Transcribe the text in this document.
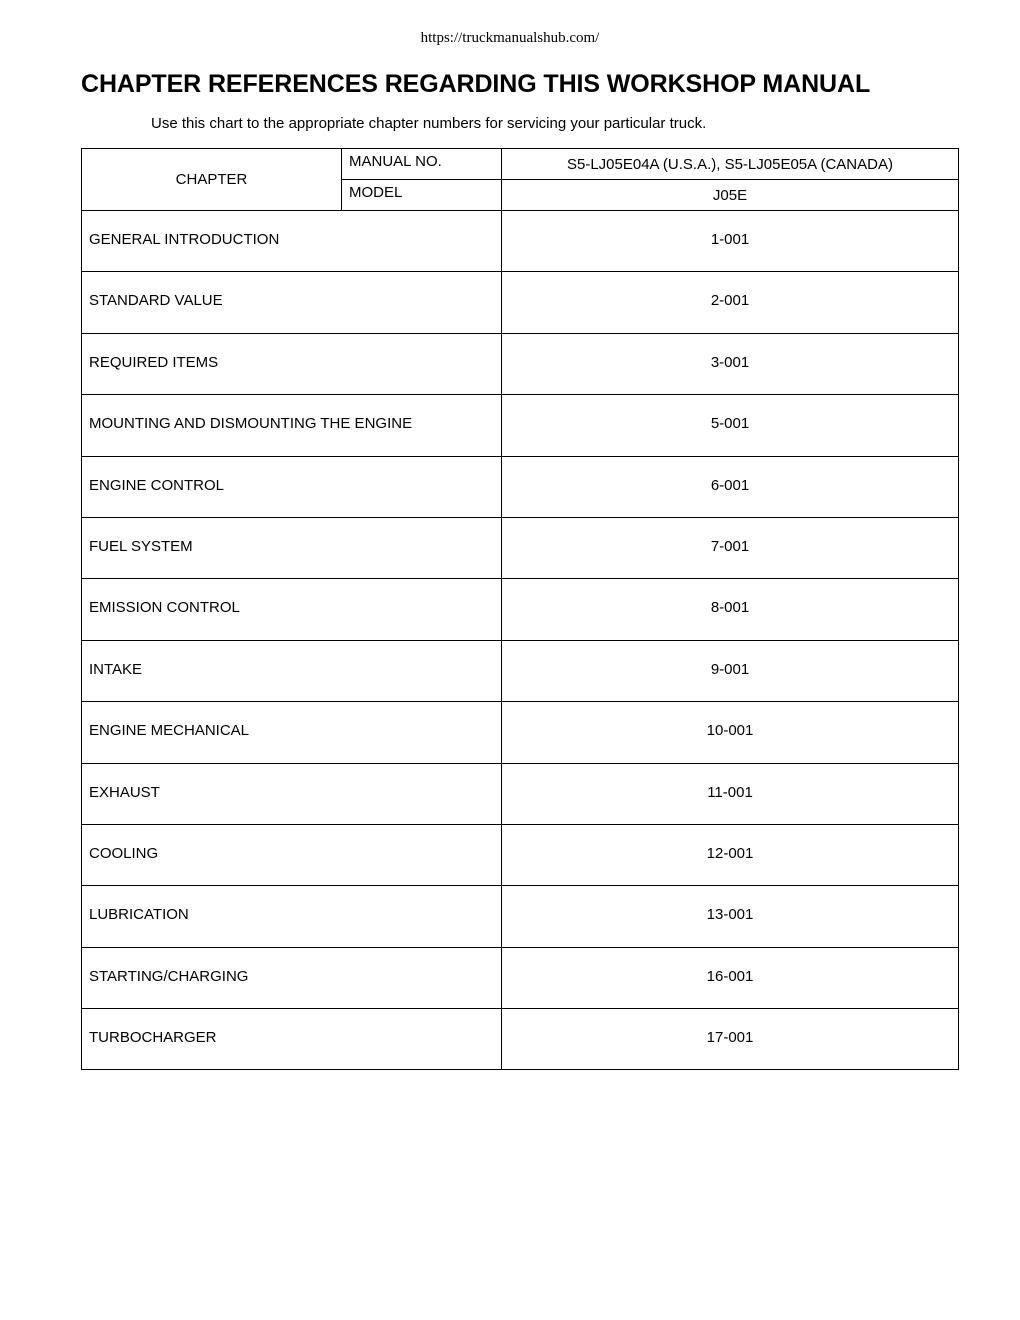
https://truckmanualshub.com/
CHAPTER REFERENCES REGARDING THIS WORKSHOP MANUAL
Use this chart to the appropriate chapter numbers for servicing your particular truck.
CHAPTER	MANUAL NO.	S5-LJ05E04A (U.S.A.), S5-LJ05E05A (CANADA)
	MODEL	J05E
GENERAL INTRODUCTION		1-001
STANDARD VALUE		2-001
REQUIRED ITEMS		3-001
MOUNTING AND DISMOUNTING THE ENGINE		5-001
ENGINE CONTROL		6-001
FUEL SYSTEM		7-001
EMISSION CONTROL		8-001
INTAKE		9-001
ENGINE MECHANICAL		10-001
EXHAUST		11-001
COOLING		12-001
LUBRICATION		13-001
STARTING/CHARGING		16-001
TURBOCHARGER		17-001
